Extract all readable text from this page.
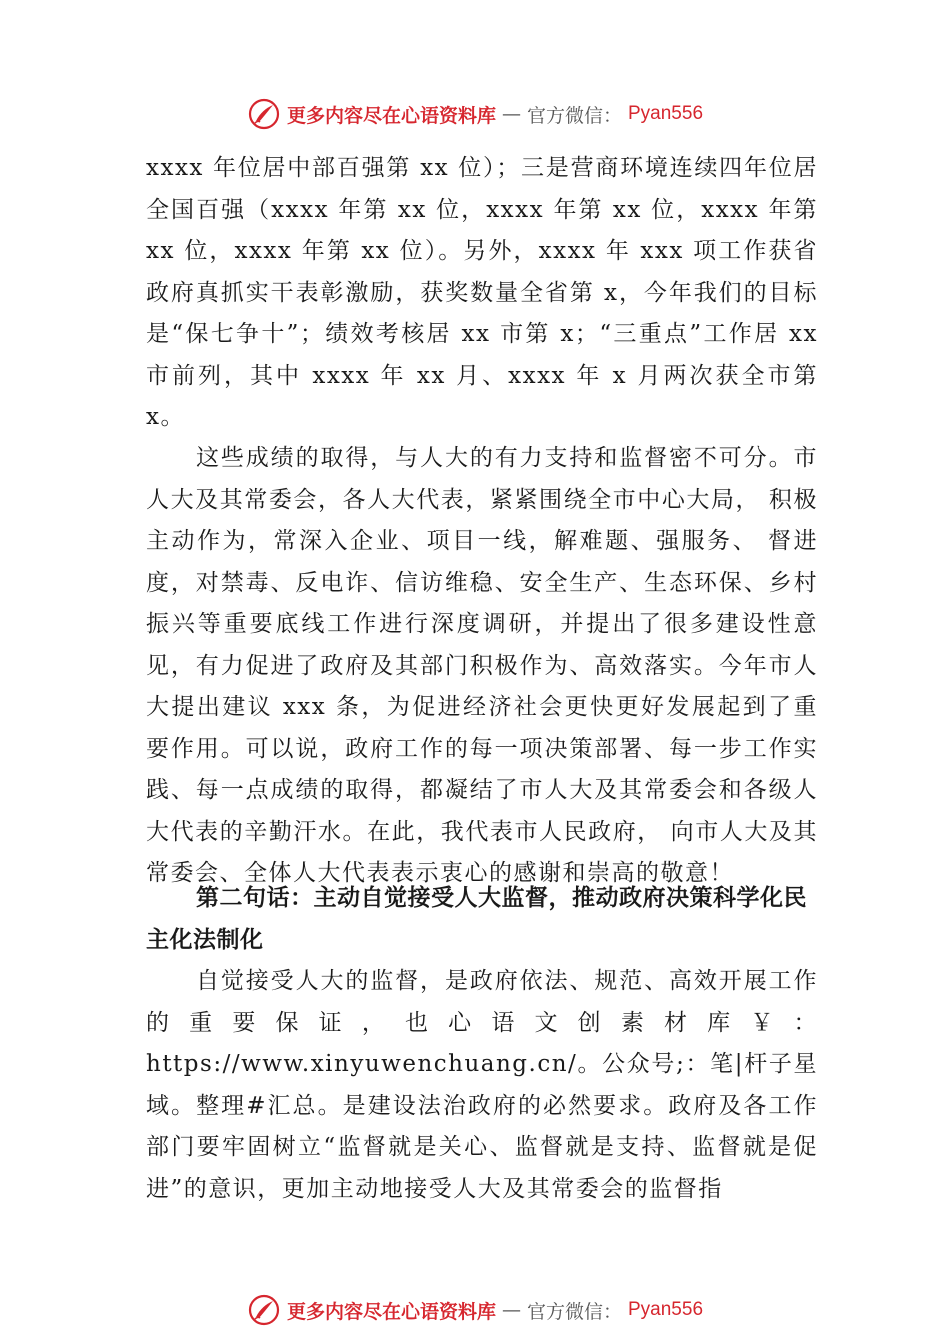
更多内容尽在心语资料库 — 官方微信： Pyan556

xxxx 年位居中部百强第 xx 位）；三是营商环境连续四年位居全国百强（xxxx 年第 xx 位，xxxx 年第 xx 位，xxxx 年第 xx 位，xxxx 年第 xx 位）。另外，xxxx 年 xxx 项工作获省政府真抓实干表彰激励，获奖数量全省第 x，今年我们的目标是“保七争十”；绩效考核居 xx 市第 x；“三重点”工作居 xx 市前列，其中 xxxx 年 xx 月、xxxx 年 x 月两次获全市第 x。

这些成绩的取得，与人大的有力支持和监督密不可分。市人大及其常委会，各人大代表，紧紧围绕全市中心大局， 积极主动作为，常深入企业、项目一线，解难题、强服务、 督进度，对禁毒、反电诈、信访维稳、安全生产、生态环保、乡村振兴等重要底线工作进行深度调研，并提出了很多建设性意见，有力促进了政府及其部门积极作为、高效落实。今年市人大提出建议 xxx 条，为促进经济社会更快更好发展起到了重要作用。可以说，政府工作的每一项决策部署、每一步工作实践、每一点成绩的取得，都凝结了市人大及其常委会和各级人大代表的辛勤汗水。在此，我代表市人民政府， 向市人大及其常委会、全体人大代表表示衷心的感谢和崇高的敬意！

第二句话：主动自觉接受人大监督，推动政府决策科学化民主化法制化

自觉接受人大的监督，是政府依法、规范、高效开展工作的重要保证，也心语文创素材库￥：https://www.xinyuwenchuang.cn/。公众号;：笔|杆子星域。整理#汇总。是建设法治政府的必然要求。政府及各工作部门要牢固树立“监督就是关心、监督就是支持、监督就是促进”的意识，更加主动地接受人大及其常委会的监督指

更多内容尽在心语资料库 — 官方微信： Pyan556
